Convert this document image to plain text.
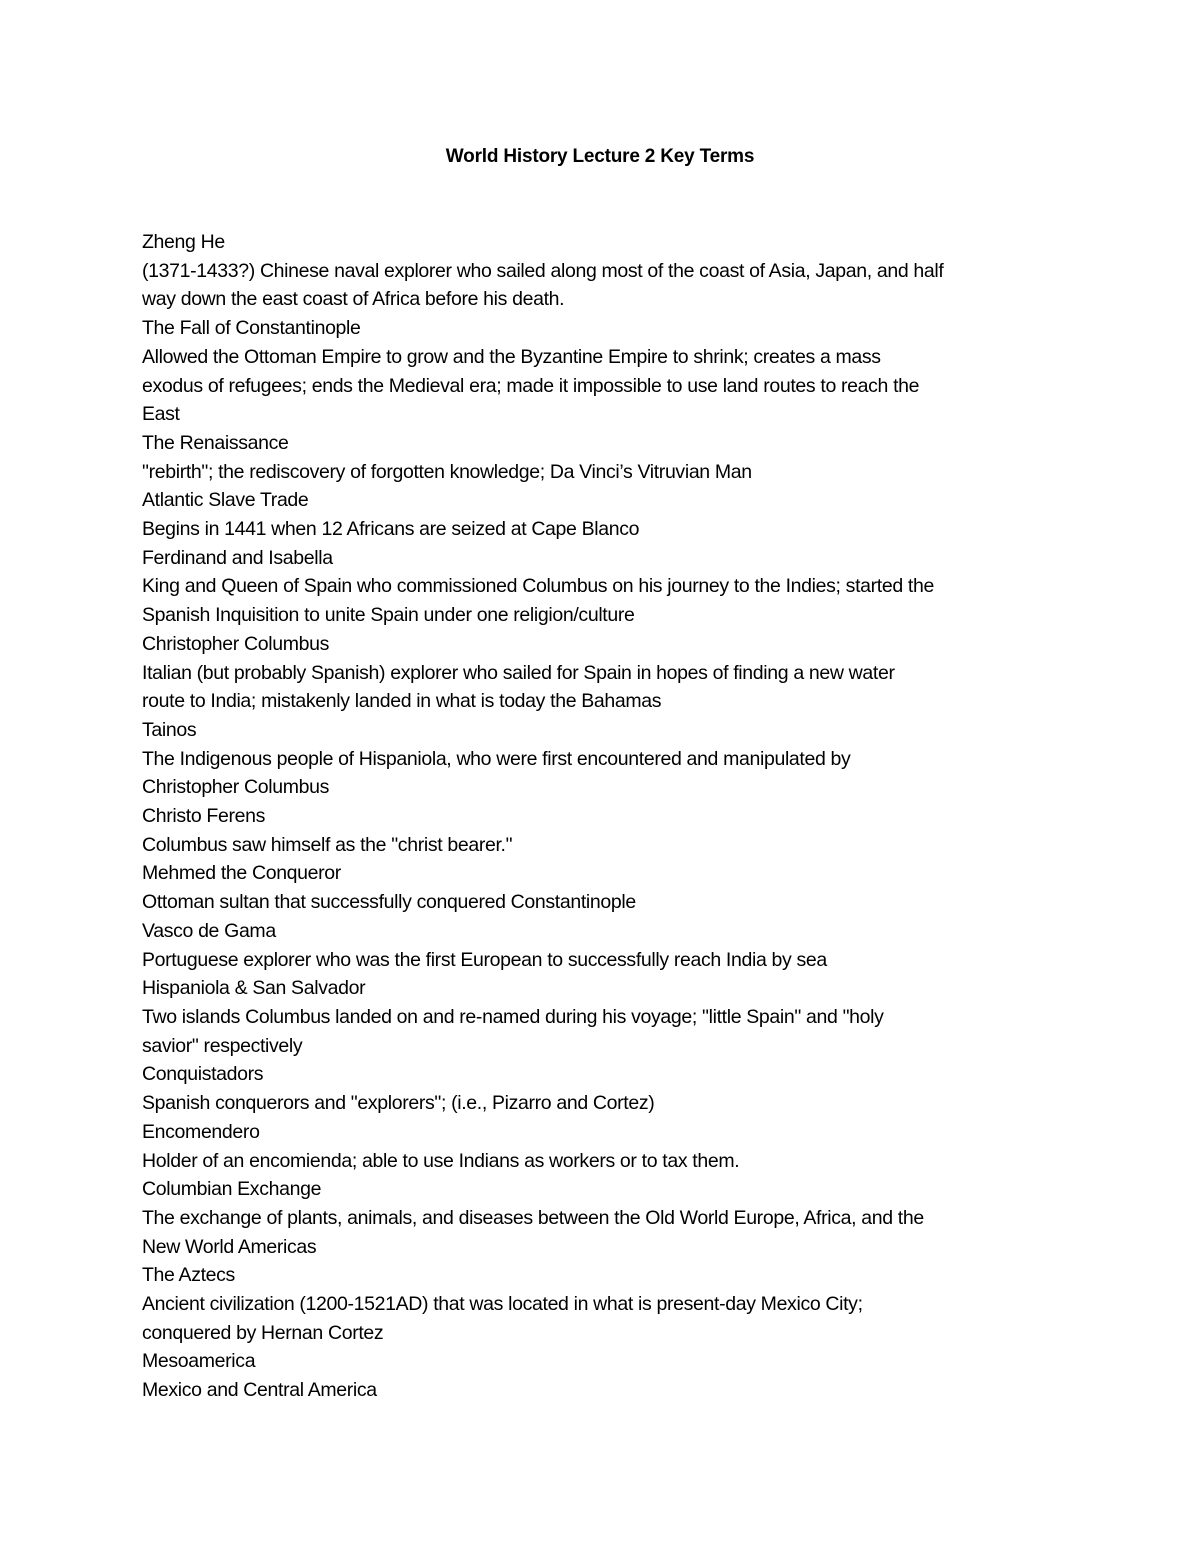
World History Lecture 2 Key Terms
Zheng He
(1371-1433?) Chinese naval explorer who sailed along most of the coast of Asia, Japan, and half
way down the east coast of Africa before his death.
The Fall of Constantinople
Allowed the Ottoman Empire to grow and the Byzantine Empire to shrink; creates a mass
exodus of refugees; ends the Medieval era; made it impossible to use land routes to reach the
East
The Renaissance
"rebirth"; the rediscovery of forgotten knowledge; Da Vinci’s Vitruvian Man
Atlantic Slave Trade
Begins in 1441 when 12 Africans are seized at Cape Blanco
Ferdinand and Isabella
King and Queen of Spain who commissioned Columbus on his journey to the Indies; started the
Spanish Inquisition to unite Spain under one religion/culture
Christopher Columbus
Italian (but probably Spanish) explorer who sailed for Spain in hopes of finding a new water
route to India; mistakenly landed in what is today the Bahamas
Tainos
The Indigenous people of Hispaniola, who were first encountered and manipulated by
Christopher Columbus
Christo Ferens
Columbus saw himself as the "christ bearer."
Mehmed the Conqueror
Ottoman sultan that successfully conquered Constantinople
Vasco de Gama
Portuguese explorer who was the first European to successfully reach India by sea
Hispaniola & San Salvador
Two islands Columbus landed on and re-named during his voyage; "little Spain" and "holy
savior" respectively
Conquistadors
Spanish conquerors and "explorers"; (i.e., Pizarro and Cortez)
Encomendero
Holder of an encomienda; able to use Indians as workers or to tax them.
Columbian Exchange
The exchange of plants, animals, and diseases between the Old World Europe, Africa, and the
New World Americas
The Aztecs
Ancient civilization (1200-1521AD) that was located in what is present-day Mexico City;
conquered by Hernan Cortez
Mesoamerica
Mexico and Central America
